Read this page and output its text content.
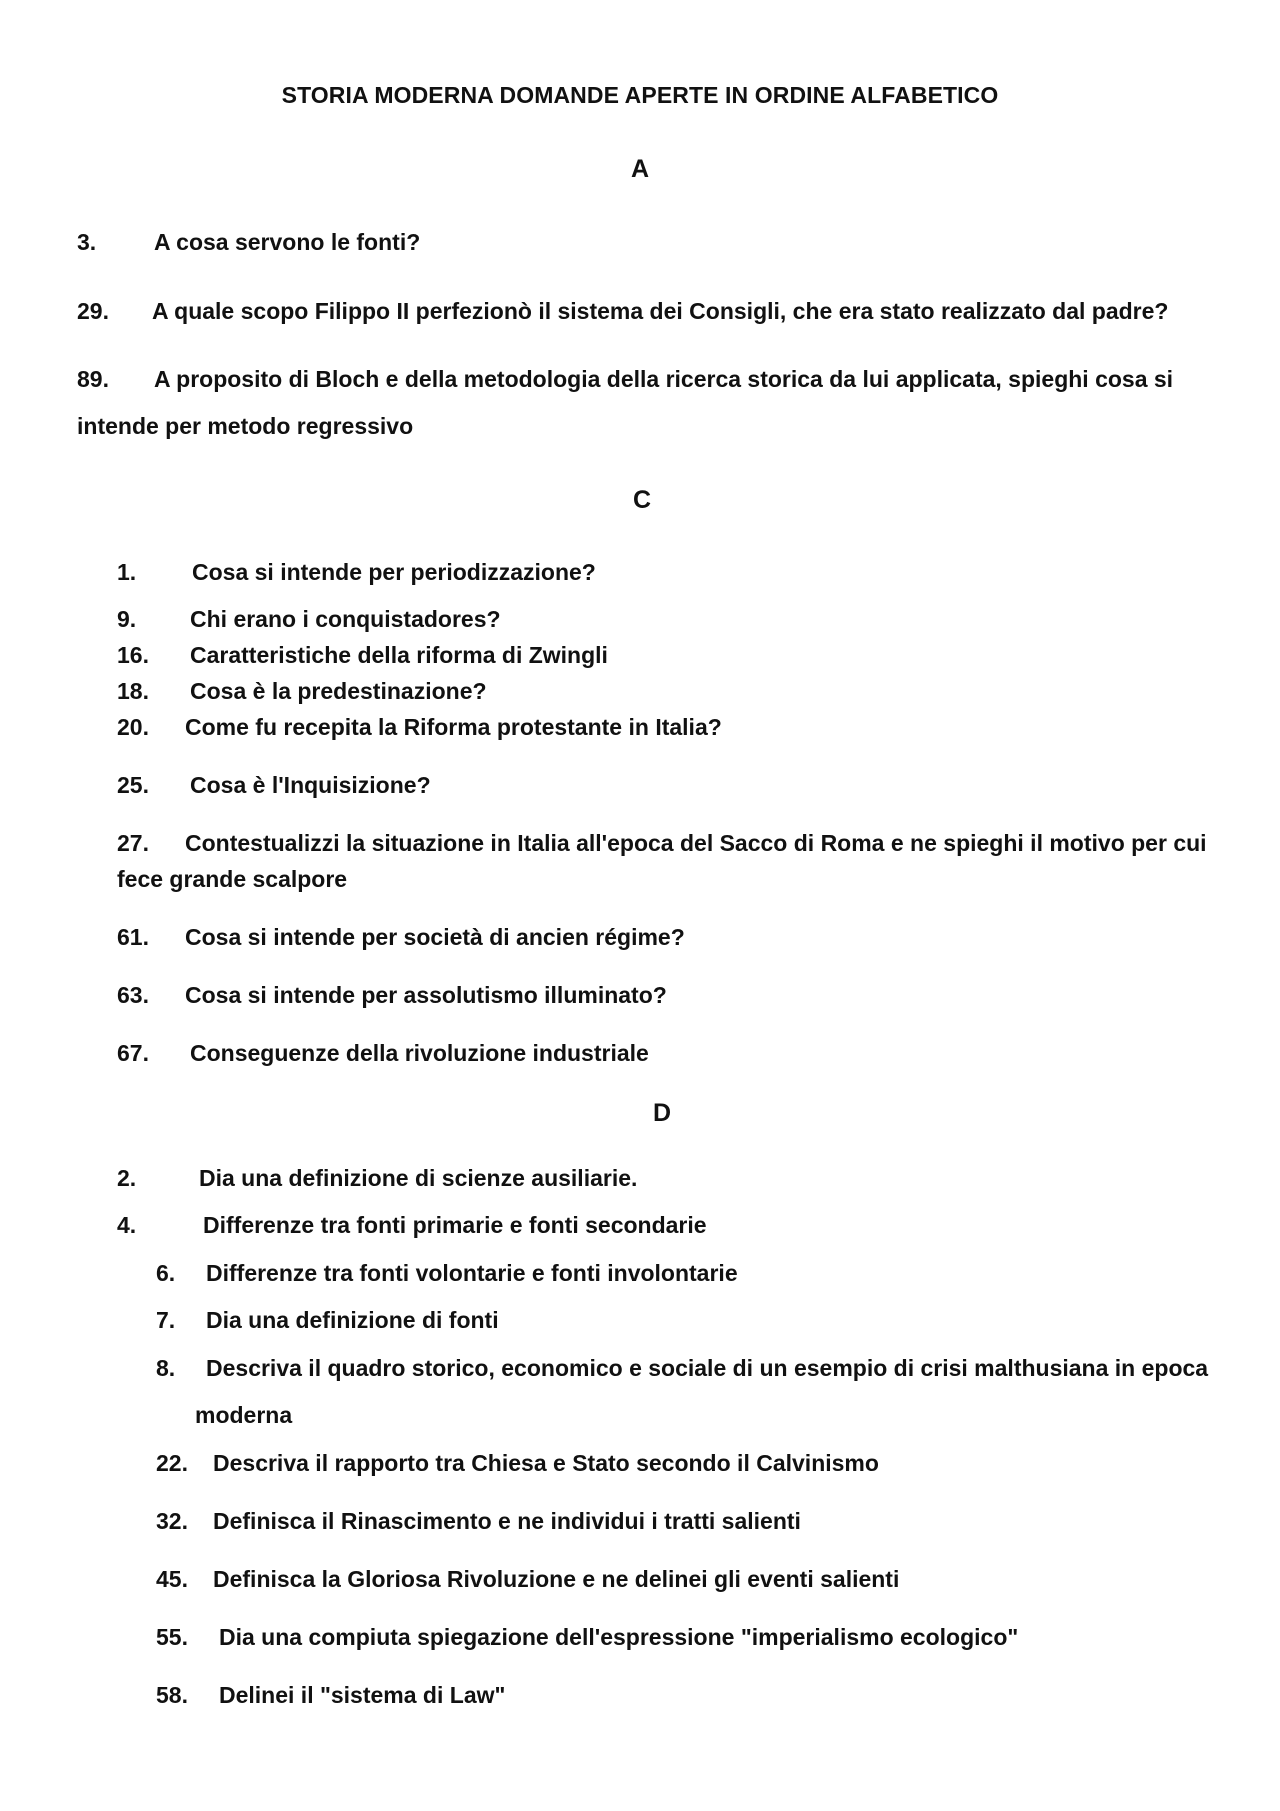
STORIA MODERNA DOMANDE APERTE IN ORDINE ALFABETICO
A
3.	A cosa servono le fonti?
29. A quale scopo Filippo II perfezionò il sistema dei Consigli, che era stato realizzato dal padre?
89. A proposito di Bloch e della metodologia della ricerca storica da lui applicata, spieghi cosa si
intende per metodo regressivo
C
1. Cosa si intende per periodizzazione?
9. Chi erano i conquistadores?
16. Caratteristiche della riforma di Zwingli
18. Cosa è la predestinazione?
20. Come fu recepita la Riforma protestante in Italia?
25. Cosa è l'Inquisizione?
27. Contestualizzi la situazione in Italia all'epoca del Sacco di Roma e ne spieghi il motivo per cui
fece grande scalpore
61. Cosa si intende per società di ancien régime?
63. Cosa si intende per assolutismo illuminato?
67. Conseguenze della rivoluzione industriale
D
2.	Dia una definizione di scienze ausiliarie.
4.	Differenze tra fonti primarie e fonti secondarie
6. Differenze tra fonti volontarie e fonti involontarie
7. Dia una definizione di fonti
8. Descriva il quadro storico, economico e sociale di un esempio di crisi malthusiana in epoca
moderna
22. Descriva il rapporto tra Chiesa e Stato secondo il Calvinismo
32. Definisca il Rinascimento e ne individui i tratti salienti
45. Definisca la Gloriosa Rivoluzione e ne delinei gli eventi salienti
55. Dia una compiuta spiegazione dell'espressione "imperialismo ecologico"
58. Delinei il "sistema di Law"
